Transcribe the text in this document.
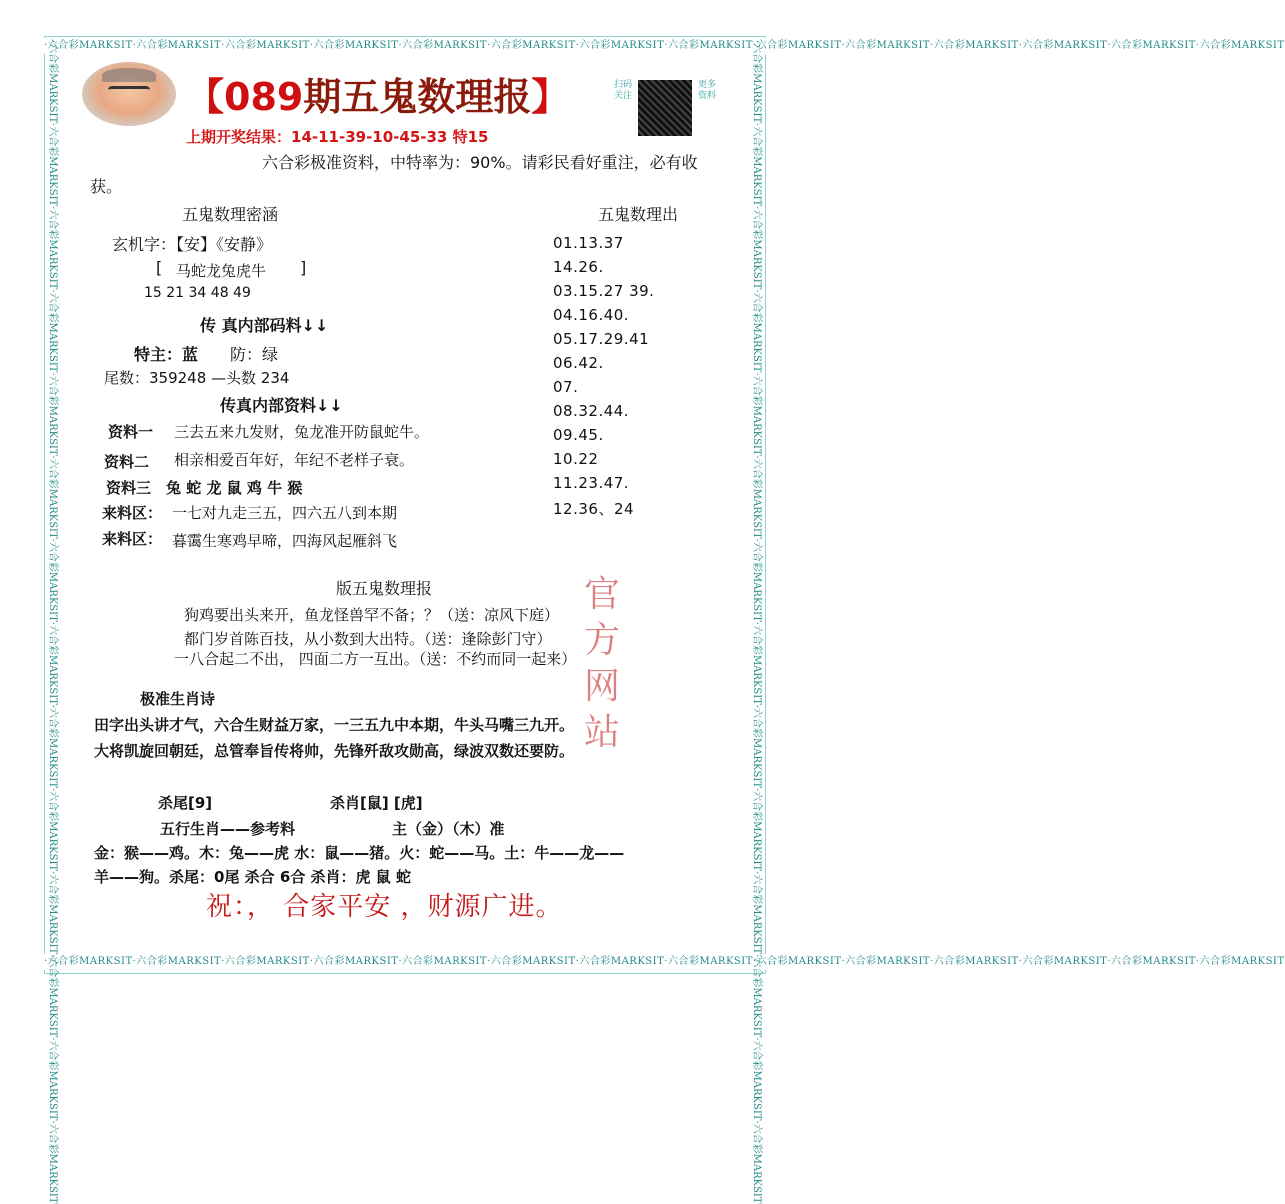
·六合彩MARKSIT·六合彩MARKSIT·六合彩MARKSIT·六合彩MARKSIT·六合彩MARKSIT·六合彩MARKSIT·六合彩MARKSIT·六合彩MARKSIT·六合彩MARKSIT·六合彩MARKSIT·六合彩MARKSIT·六合彩MARKSIT·六合彩MARKSIT·六合彩MARKSIT
·六合彩MARKSIT·六合彩MARKSIT·六合彩MARKSIT·六合彩MARKSIT·六合彩MARKSIT·六合彩MARKSIT·六合彩MARKSIT·六合彩MARKSIT·六合彩MARKSIT·六合彩MARKSIT·六合彩MARKSIT·六合彩MARKSIT·六合彩MARKSIT·六合彩MARKSIT
·六合彩MARKSIT·六合彩MARKSIT·六合彩MARKSIT·六合彩MARKSIT·六合彩MARKSIT·六合彩MARKSIT·六合彩MARKSIT·六合彩MARKSIT·六合彩MARKSIT·六合彩MARKSIT·六合彩MARKSIT·六合彩MARKSIT·六合彩MARKSIT·六合彩MARKSIT	·六合彩MARKSIT·六合彩MARKSIT·六合彩MARKSIT·六合彩MARKSIT·六合彩MARKSIT·六合彩MARKSIT·六合彩MARKSIT·六合彩MARKSIT·六合彩MARKSIT·六合彩MARKSIT·六合彩MARKSIT·六合彩MARKSIT·六合彩MARKSIT·六合彩MARKSIT
【089期五鬼数理报】	扫码关注
更多资料
上期开奖结果：14-11-39-10-45-33 特15
六合彩极准资料，中特率为：90%。请彩民看好重注，必有收
获。
五鬼数理密涵
玄机字：【安】《安静》
[ 马蛇龙兔虎牛 ]
15 21 34 48 49
传 真内部码料↓↓
特主：蓝 防：绿
尾数：359248 —头数 234
传真内部资料↓↓
资料一 三去五来九发财，兔龙准开防鼠蛇牛。
资料二 相亲相爱百年好，年纪不老样子衰。
资料三 兔 蛇 龙 鼠 鸡 牛 猴
来料区： 一七对九走三五，四六五八到本期
来料区： 暮霭生寒鸡早啼，四海风起雁斜飞
五鬼数理出
01.13.37
14.26.
03.15.27 39.
04.16.40.
05.17.29.41
06.42.
07.
08.32.44.
09.45.
10.22
11.23.47.
12.36、24
版五鬼数理报
狗鸡要出头来开，鱼龙怪兽罕不备；？（送：凉风下庭）
都门岁首陈百技，从小数到大出特。（送：逢除彭门守）
一八合起二不出， 四面二方一互出。（送：不约而同一起来）
极准生肖诗
田字出头讲才气，六合生财益万家，一三五九中本期，牛头马嘴三九开。
大将凯旋回朝廷，总管奉旨传将帅，先锋歼敌攻勋高，绿波双数还要防。
杀尾[9]	杀肖[鼠] [虎]
五行生肖——参考料	主（金）（木）准
金：猴——鸡。木：兔——虎 水：鼠——猪。火：蛇——马。土：牛——龙——
羊——狗。杀尾：0尾 杀合 6合 杀肖：虎 鼠 蛇
官
方
网
站
祝：， 合家平安 ，财源广进。
